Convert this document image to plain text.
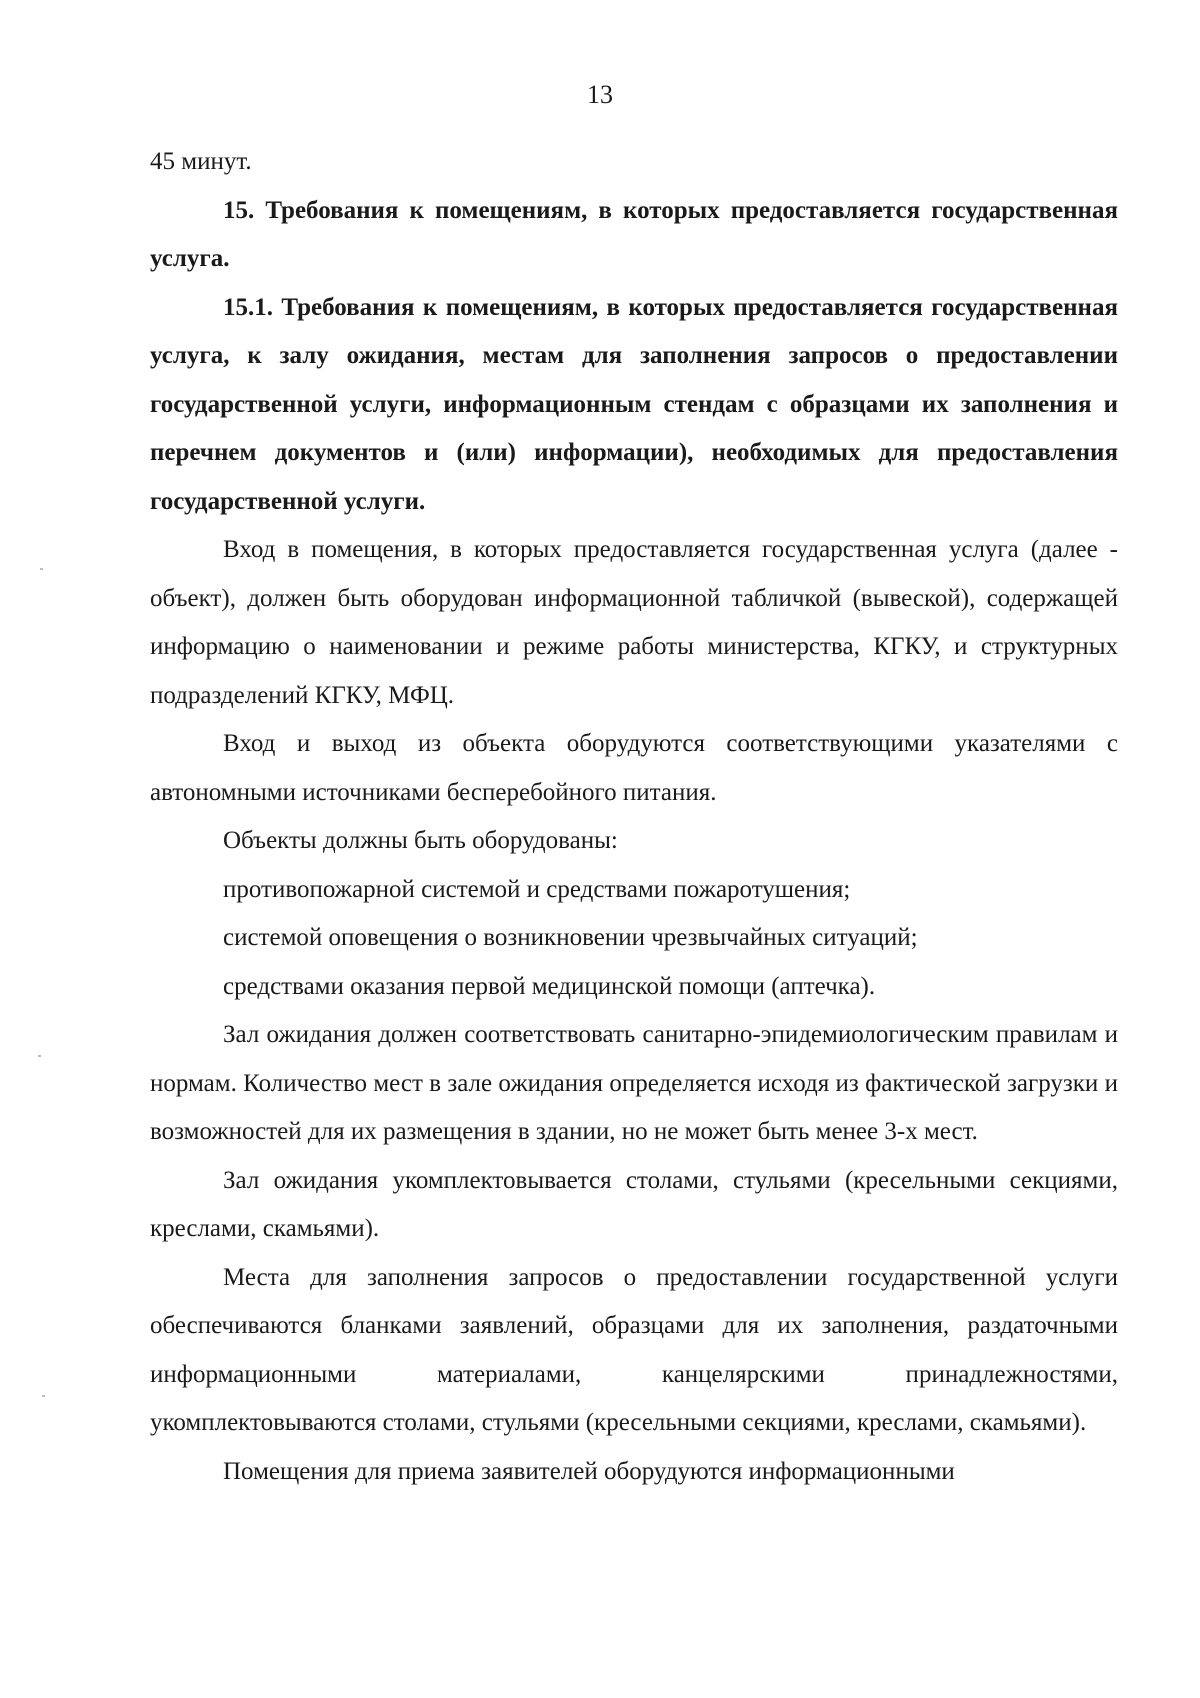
13

45 минут.

15. Требования к помещениям, в которых предоставляется государственная услуга.

15.1. Требования к помещениям, в которых предоставляется государственная услуга, к залу ожидания, местам для заполнения запросов о предоставлении государственной услуги, информационным стендам с образцами их заполнения и перечнем документов и (или) информации), необходимых для предоставления государственной услуги.

Вход в помещения, в которых предоставляется государственная услуга (далее - объект), должен быть оборудован информационной табличкой (вывеской), содержащей информацию о наименовании и режиме работы министерства, КГКУ, и структурных подразделений КГКУ, МФЦ.

Вход и выход из объекта оборудуются соответствующими указателями с автономными источниками бесперебойного питания.

Объекты должны быть оборудованы:

противопожарной системой и средствами пожаротушения;

системой оповещения о возникновении чрезвычайных ситуаций;

средствами оказания первой медицинской помощи (аптечка).

Зал ожидания должен соответствовать санитарно-эпидемиологическим правилам и нормам. Количество мест в зале ожидания определяется исходя из фактической загрузки и возможностей для их размещения в здании, но не может быть менее 3-х мест.

Зал ожидания укомплектовывается столами, стульями (кресельными секциями, креслами, скамьями).

Места для заполнения запросов о предоставлении государственной услуги обеспечиваются бланками заявлений, образцами для их заполнения, раздаточными информационными материалами, канцелярскими принадлежностями, укомплектовываются столами, стульями (кресельными секциями, креслами, скамьями).

Помещения для приема заявителей оборудуются информационными
